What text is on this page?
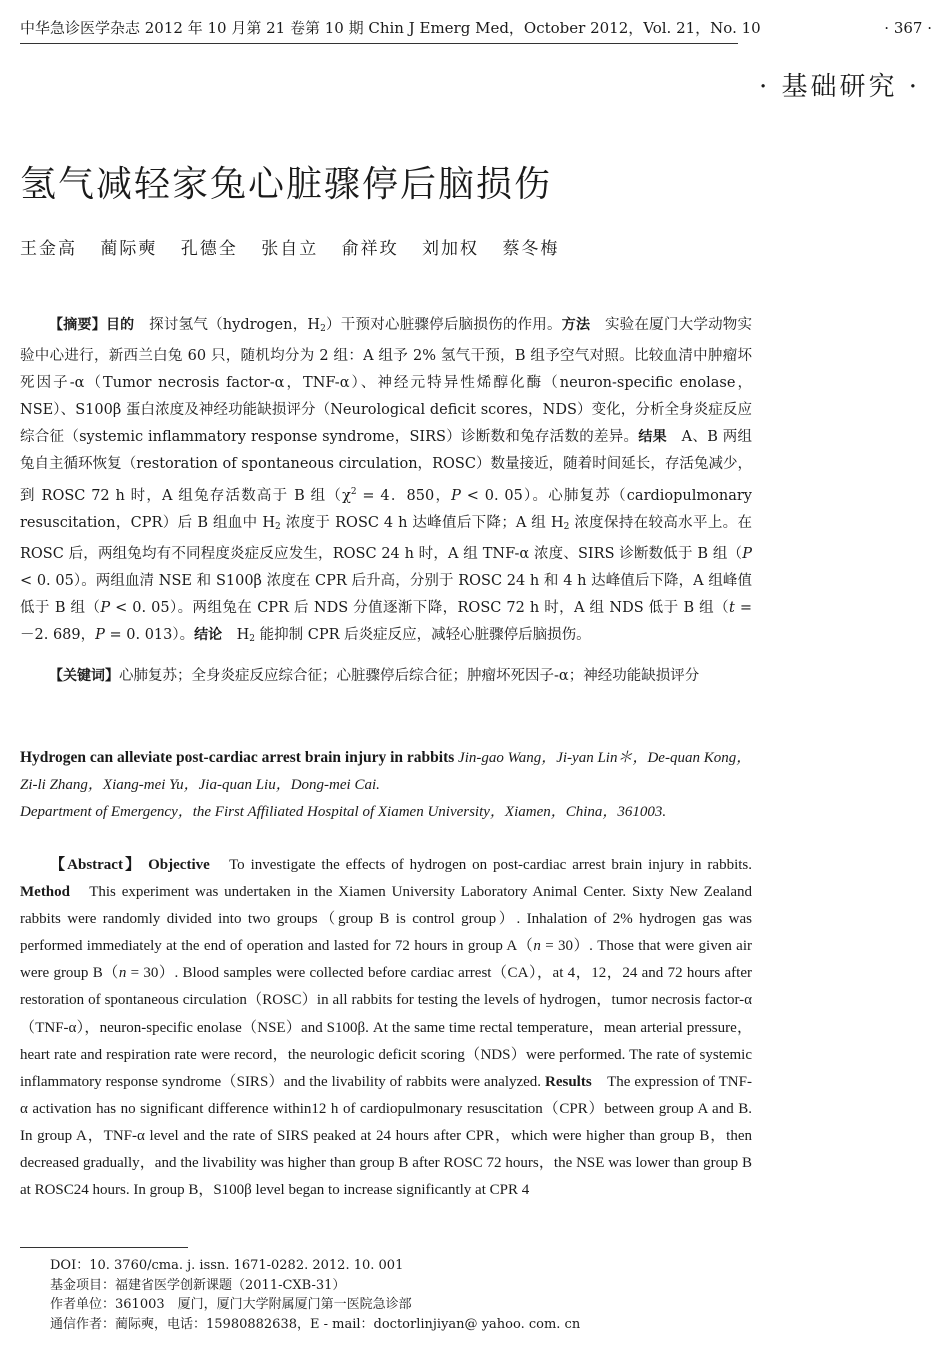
中华急诊医学杂志 2012 年 10 月第 21 卷第 10 期 Chin J Emerg Med，October 2012，Vol. 21，No. 10	· 367 ·
· 基础研究 ·
氢气减轻家兔心脏骤停后脑损伤
王金高 蔺际奭 孔德全 张自立 俞祥玫 刘加权 蔡冬梅
【摘要】目的　 探讨氢气（hydrogen，$H_2$）干预对心脏骤停后脑损伤的作用。方法　 实验在厦门大学动物实验中心进行，新西兰白兔 60 只，随机均分为 2 组：A 组予 2% 氢气干预，B 组予空气对照。比较血清中肿瘤坏死因子-α（Tumor necrosis factor-α，TNF-α）、神经元特异性烯醇化酶（neuron-specific enolase，NSE）、S100β 蛋白浓度及神经功能缺损评分（Neurological deficit scores，NDS）变化，分析全身炎症反应综合征（systemic inflammatory response syndrome，SIRS）诊断数和兔存活数的差异。结果　 A、B 两组兔自主循环恢复（restoration of spontaneous circulation，ROSC）数量接近，随着时间延长，存活兔减少，到 ROSC 72 h 时，A 组兔存活数高于 B 组（$\chi^2 = 4$．850，P < 0. 05）。心肺复苏（cardiopulmonary resuscitation，CPR）后 B 组血中 $H_2$ 浓度于 ROSC 4 h 达峰值后下降；A 组 $H_2$ 浓度保持在较高水平上。在 ROSC 后，两组兔均有不同程度炎症反应发生，ROSC 24 h 时，A 组 TNF-α 浓度、SIRS 诊断数低于 B 组（P < 0. 05）。两组血清 NSE 和 S100β 浓度在 CPR 后升高，分别于 ROSC 24 h 和 4 h 达峰值后下降，A 组峰值低于 B 组（P < 0. 05）。两组兔在 CPR 后 NDS 分值逐渐下降，ROSC 72 h 时，A 组 NDS 低于 B 组（t = －2. 689，P = 0. 013）。结论　 $H_2$ 能抑制 CPR 后炎症反应，减轻心脏骤停后脑损伤。
【关键词】心肺复苏；全身炎症反应综合征；心脏骤停后综合征；肿瘤坏死因子-α；神经功能缺损评分
Hydrogen can alleviate post-cardiac arrest brain injury in rabbits Jin-gao Wang，Ji-yan Lin＊，De-quan Kong，Zi-li Zhang，Xiang-mei Yu，Jia-quan Liu，Dong-mei Cai.
Department of Emergency，the First Affiliated Hospital of Xiamen University，Xiamen，China，361003.
【Abstract】 Objective　 To investigate the effects of hydrogen on post-cardiac arrest brain injury in rabbits. Method　 This experiment was undertaken in the Xiamen University Laboratory Animal Center. Sixty New Zealand rabbits were randomly divided into two groups（group B is control group）. Inhalation of 2% hydrogen gas was performed immediately at the end of operation and lasted for 72 hours in group A（n = 30）. Those that were given air were group B（n = 30）. Blood samples were collected before cardiac arrest（CA），at 4，12，24 and 72 hours after restoration of spontaneous circulation（ROSC）in all rabbits for testing the levels of hydrogen，tumor necrosis factor-α（TNF-α），neuron-specific enolase（NSE）and S100β. At the same time rectal temperature，mean arterial pressure，heart rate and respiration rate were record，the neurologic deficit scoring（NDS）were performed. The rate of systemic inflammatory response syndrome（SIRS）and the livability of rabbits were analyzed. Results　 The expression of TNF-α activation has no significant difference within12 h of cardiopulmonary resuscitation（CPR）between group A and B. In group A，TNF-α level and the rate of SIRS peaked at 24 hours after CPR，which were higher than group B，then decreased gradually，and the livability was higher than group B after ROSC 72 hours，the NSE was lower than group B at ROSC24 hours. In group B，S100β level began to increase significantly at CPR 4
DOI：10. 3760/cma. j. issn. 1671-0282. 2012. 10. 001
基金项目：福建省医学创新课题（2011-CXB-31）
作者单位：361003　厦门，厦门大学附属厦门第一医院急诊部
通信作者：蔺际奭，电话：15980882638，E - mail：doctorlinjiyan@ yahoo. com. cn
